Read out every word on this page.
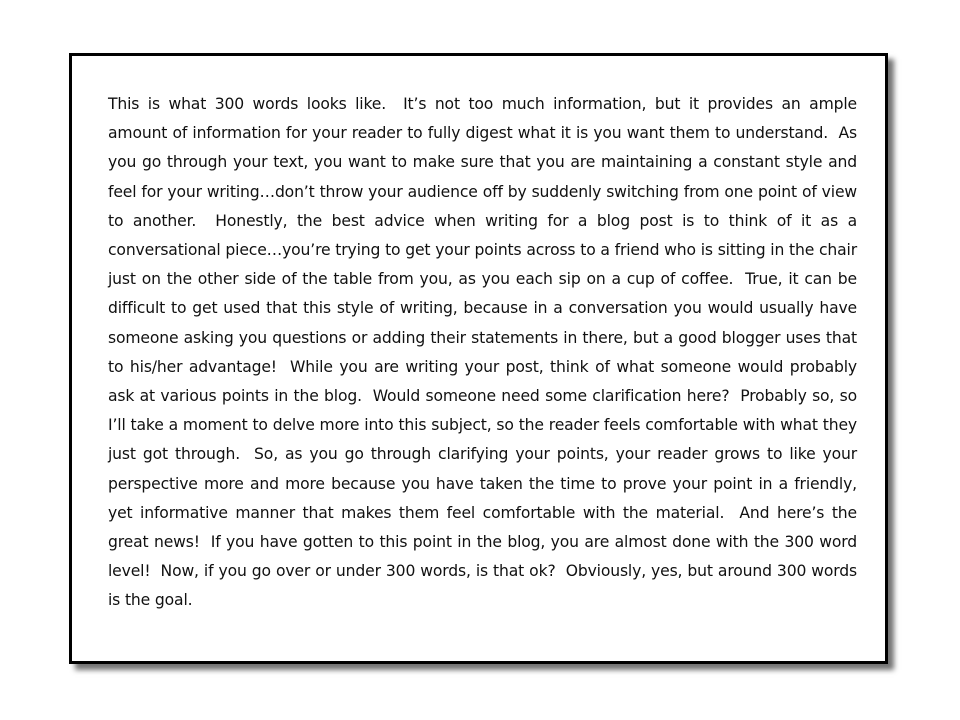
This is what 300 words looks like.  It’s not too much information, but it provides an ample amount of information for your reader to fully digest what it is you want them to understand.  As you go through your text, you want to make sure that you are maintaining a constant style and feel for your writing…don’t throw your audience off by suddenly switching from one point of view to another.  Honestly, the best advice when writing for a blog post is to think of it as a conversational piece…you’re trying to get your points across to a friend who is sitting in the chair just on the other side of the table from you, as you each sip on a cup of coffee.  True, it can be difficult to get used that this style of writing, because in a conversation you would usually have someone asking you questions or adding their statements in there, but a good blogger uses that to his/her advantage!  While you are writing your post, think of what someone would probably ask at various points in the blog.  Would someone need some clarification here?  Probably so, so I’ll take a moment to delve more into this subject, so the reader feels comfortable with what they just got through.  So, as you go through clarifying your points, your reader grows to like your perspective more and more because you have taken the time to prove your point in a friendly, yet informative manner that makes them feel comfortable with the material.  And here’s the great news!  If you have gotten to this point in the blog, you are almost done with the 300 word level!  Now, if you go over or under 300 words, is that ok?  Obviously, yes, but around 300 words is the goal.
